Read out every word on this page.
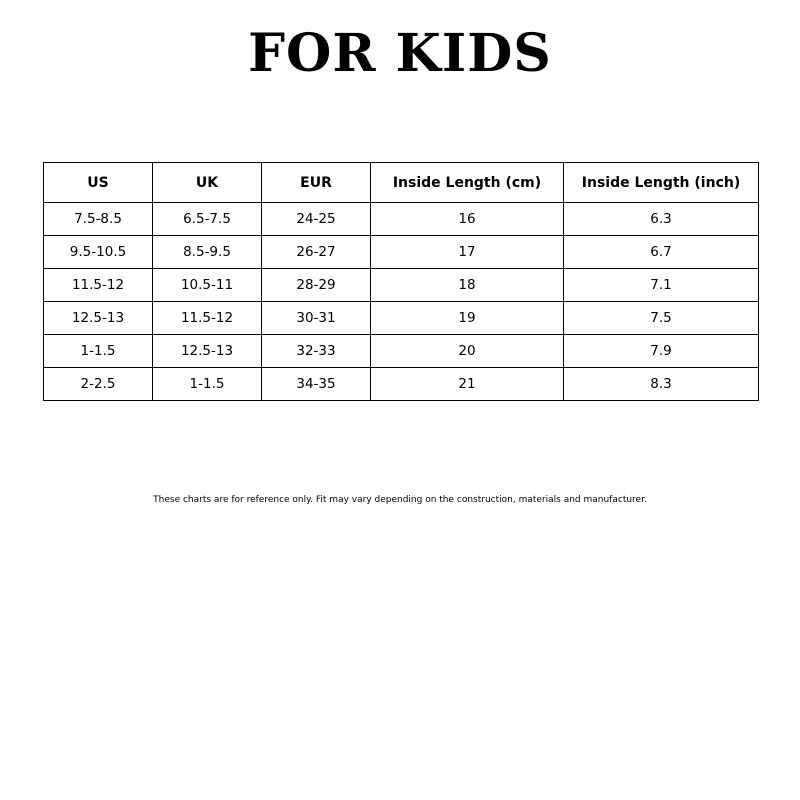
FOR KIDS
US	UK	EUR	Inside Length (cm)	Inside Length (inch)
7.5-8.5	6.5-7.5	24-25	16	6.3
9.5-10.5	8.5-9.5	26-27	17	6.7
11.5-12	10.5-11	28-29	18	7.1
12.5-13	11.5-12	30-31	19	7.5
1-1.5	12.5-13	32-33	20	7.9
2-2.5	1-1.5	34-35	21	8.3
These charts are for reference only. Fit may vary depending on the construction, materials and manufacturer.
